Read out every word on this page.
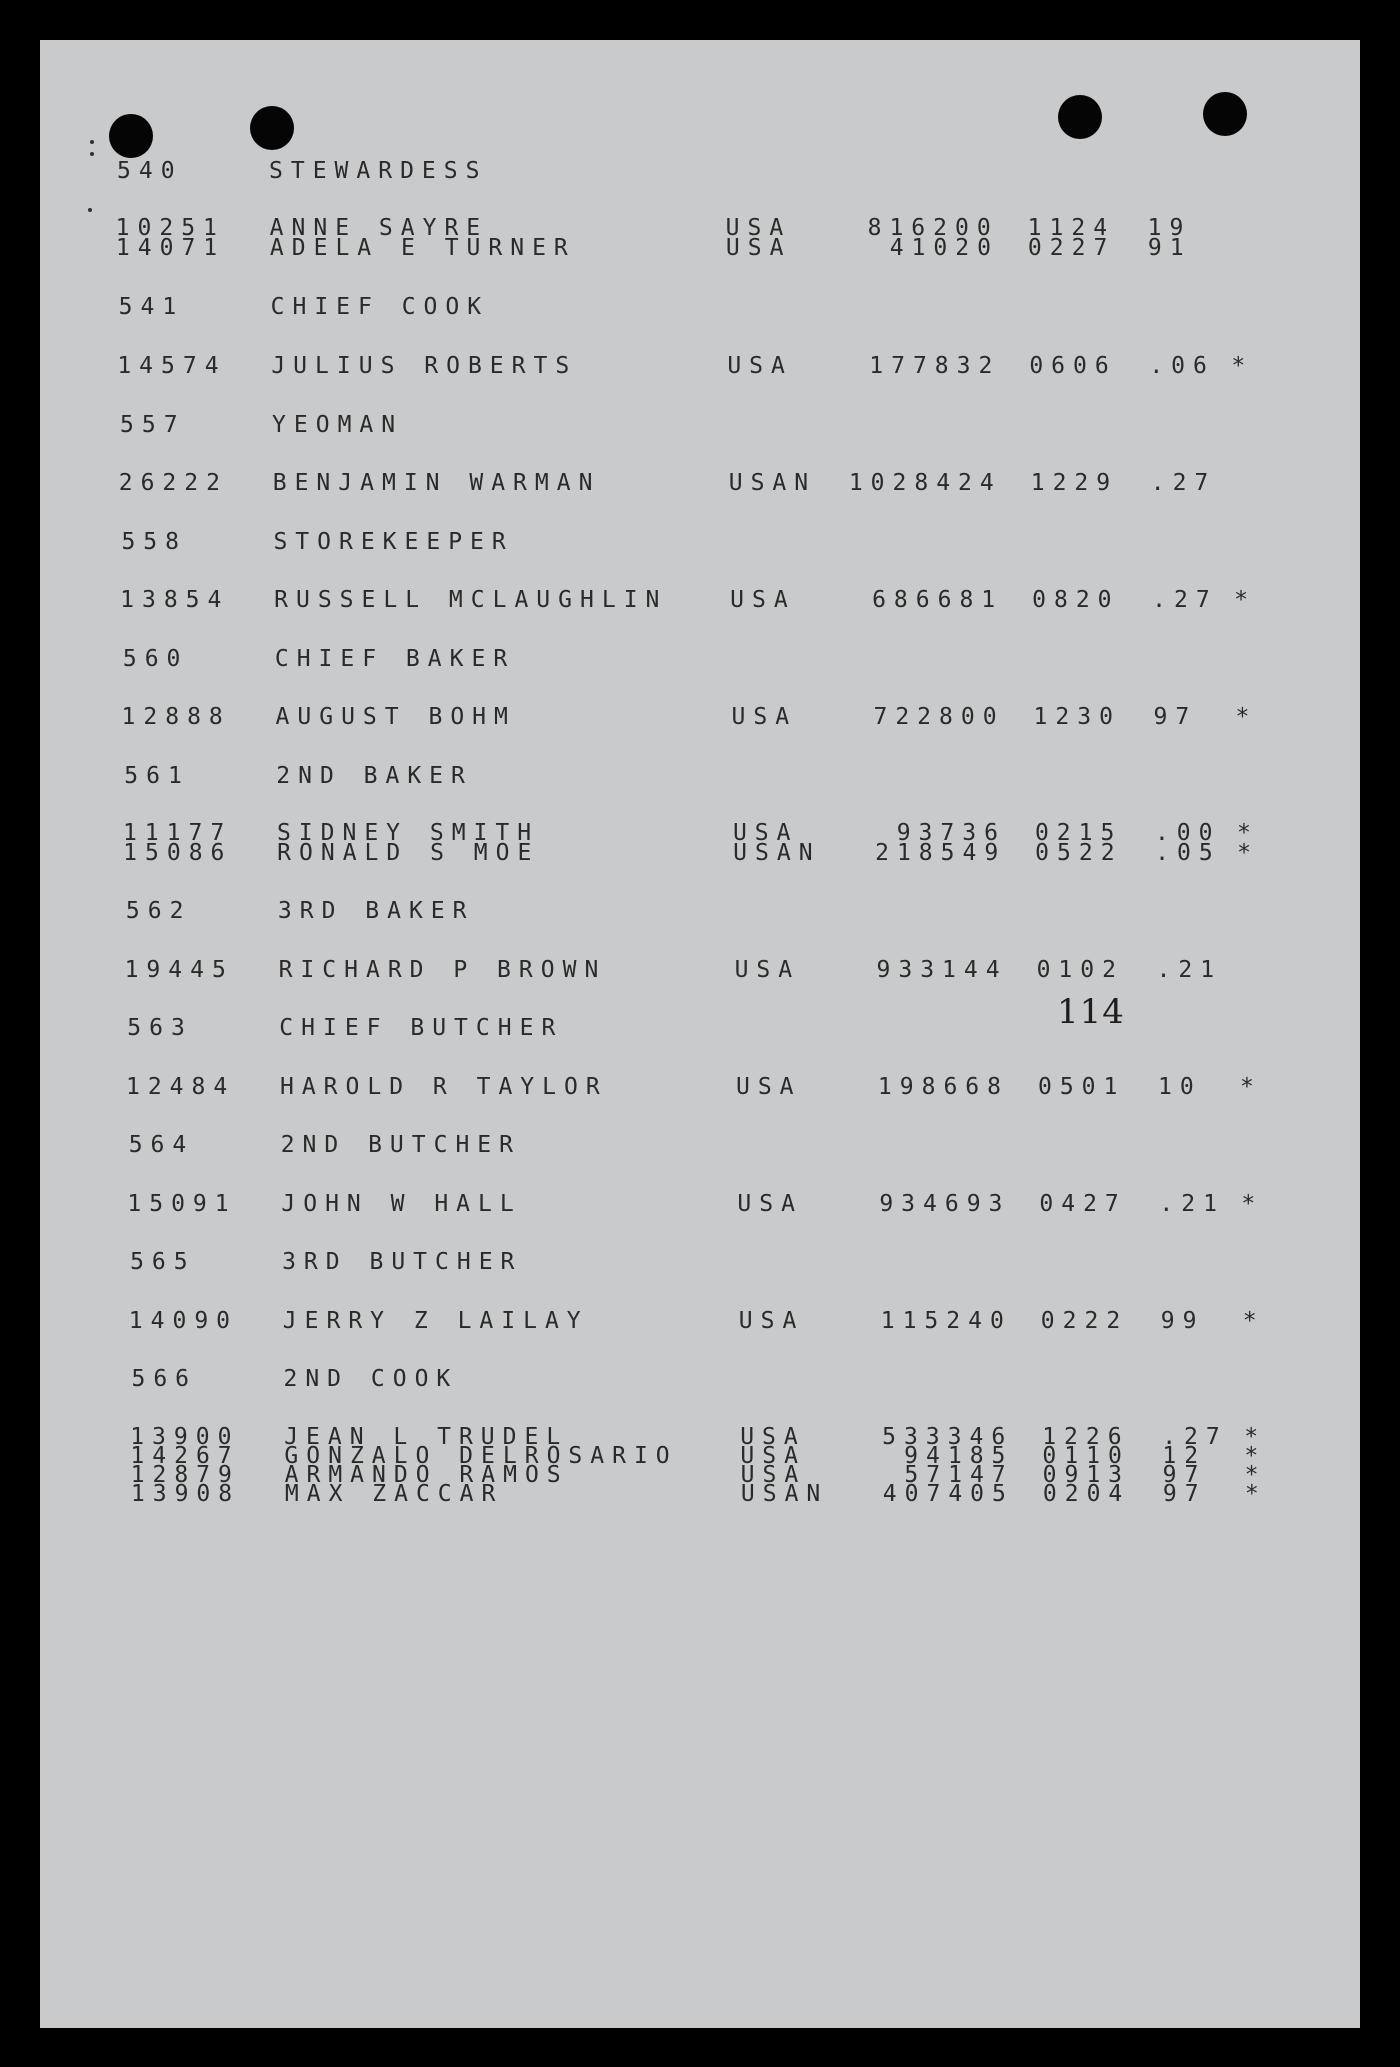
114
540	STEWARDESS
10251 ANNE SAYRE	USA	816200 1124 19
14071 ADELA E TURNER	USA	41020 0227 91
541	CHIEF COOK
14574 JULIUS ROBERTS	USA	177832 0606 .06 *
557	YEOMAN
26222 BENJAMIN WARMAN	USAN 1028424 1229 .27
558	STOREKEEPER
13854 RUSSELL MCLAUGHLIN	USA	686681 0820 .27 *
560	CHIEF BAKER
12888 AUGUST BOHM	USA	722800 1230 97 *
561	2ND BAKER
11177 SIDNEY SMITH	USA	93736 0215 .00 *
15086 RONALD S MOE	USAN 218549 0522 .05 *
562	3RD BAKER
19445 RICHARD P BROWN	USA	933144 0102 .21
563	CHIEF BUTCHER
12484 HAROLD R TAYLOR	USA	198668 0501 10 *
564	2ND BUTCHER
15091 JOHN W HALL	USA	934693 0427 .21 *
565	3RD BUTCHER
14090 JERRY Z LAILAY	USA	115240 0222 99 *
566	2ND COOK
13900 JEAN L TRUDEL	USA	533346 1226 .27 *
14267 GONZALO DELROSARIO	USA	94185 0110 12 *
12879 ARMANDO RAMOS	USA	57147 0913 97 *
13908 MAX ZACCAR	USAN 407405 0204 97 *
